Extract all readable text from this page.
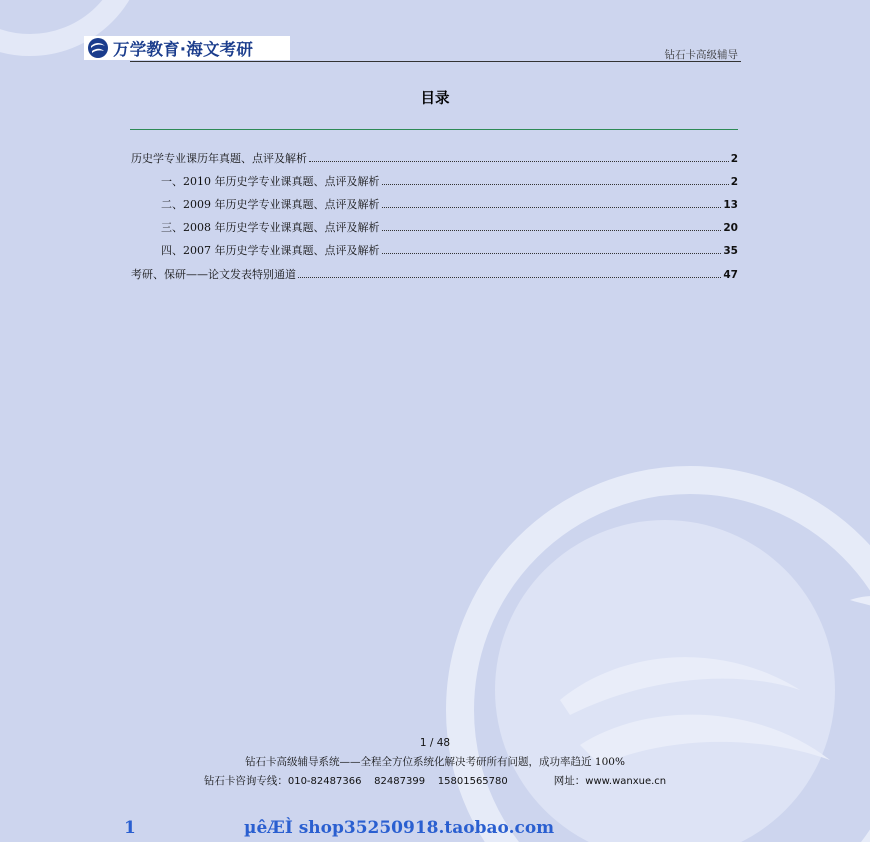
万学教育·海文考研	钻石卡高级辅导
目录
历史学专业课历年真题、点评及解析	2
一、2010 年历史学专业课真题、点评及解析	2
二、2009 年历史学专业课真题、点评及解析	13
三、2008 年历史学专业课真题、点评及解析	20
四、2007 年历史学专业课真题、点评及解析	35
考研、保研——论文发表特别通道	47
1 / 48
钻石卡高级辅导系统——全程全方位系统化解决考研所有问题，成功率趋近 100%
钻石卡咨询专线：010-82487366    82487399    15801565780	网址：www.wanxue.cn
1	µêÆÌ shop35250918.taobao.com
